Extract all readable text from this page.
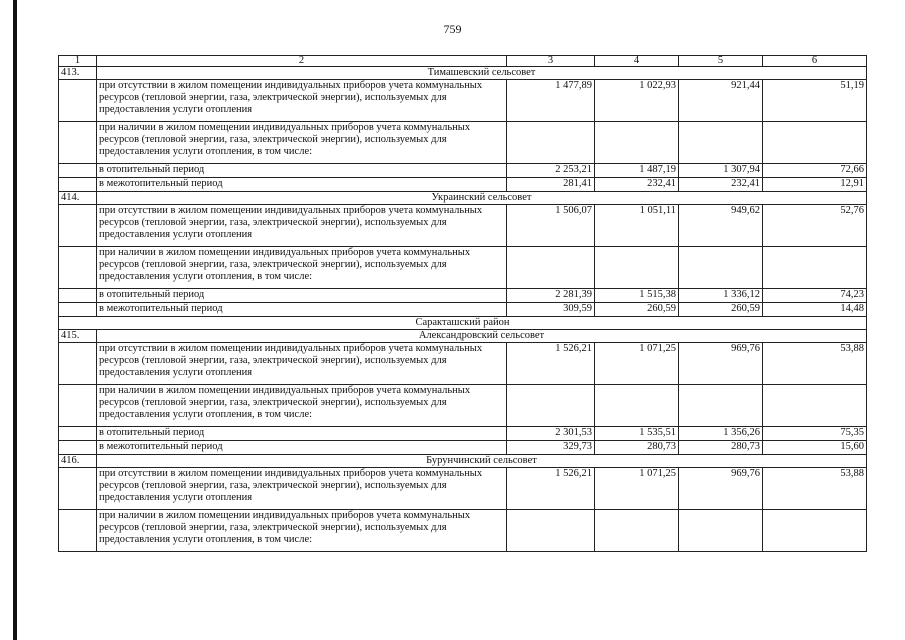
759
1	2	3	4	5	6
413.	Тимашевский сельсовет				
	при отсутствии в жилом помещении индивидуальных приборов учета коммунальных ресурсов (тепловой энергии, газа, электрической энергии), используемых для предоставления услуги отопления	1 477,89	1 022,93	921,44	51,19
	при наличии в жилом помещении индивидуальных приборов учета коммунальных ресурсов (тепловой энергии, газа, электрической энергии), используемых для предоставления услуги отопления, в том числе:				
	в отопительный период	2 253,21	1 487,19	1 307,94	72,66
	в межотопительный период	281,41	232,41	232,41	12,91
414.	Украинский сельсовет				
	при отсутствии в жилом помещении индивидуальных приборов учета коммунальных ресурсов (тепловой энергии, газа, электрической энергии), используемых для предоставления услуги отопления	1 506,07	1 051,11	949,62	52,76
	при наличии в жилом помещении индивидуальных приборов учета коммунальных ресурсов (тепловой энергии, газа, электрической энергии), используемых для предоставления услуги отопления, в том числе:				
	в отопительный период	2 281,39	1 515,38	1 336,12	74,23
	в межотопительный период	309,59	260,59	260,59	14,48
Саракташский район					
415.	Александровский сельсовет				
	при отсутствии в жилом помещении индивидуальных приборов учета коммунальных ресурсов (тепловой энергии, газа, электрической энергии), используемых для предоставления услуги отопления	1 526,21	1 071,25	969,76	53,88
	при наличии в жилом помещении индивидуальных приборов учета коммунальных ресурсов (тепловой энергии, газа, электрической энергии), используемых для предоставления услуги отопления, в том числе:				
	в отопительный период	2 301,53	1 535,51	1 356,26	75,35
	в межотопительный период	329,73	280,73	280,73	15,60
416.	Бурунчинский сельсовет				
	при отсутствии в жилом помещении индивидуальных приборов учета коммунальных ресурсов (тепловой энергии, газа, электрической энергии), используемых для предоставления услуги отопления	1 526,21	1 071,25	969,76	53,88
	при наличии в жилом помещении индивидуальных приборов учета коммунальных ресурсов (тепловой энергии, газа, электрической энергии), используемых для предоставления услуги отопления, в том числе:				
